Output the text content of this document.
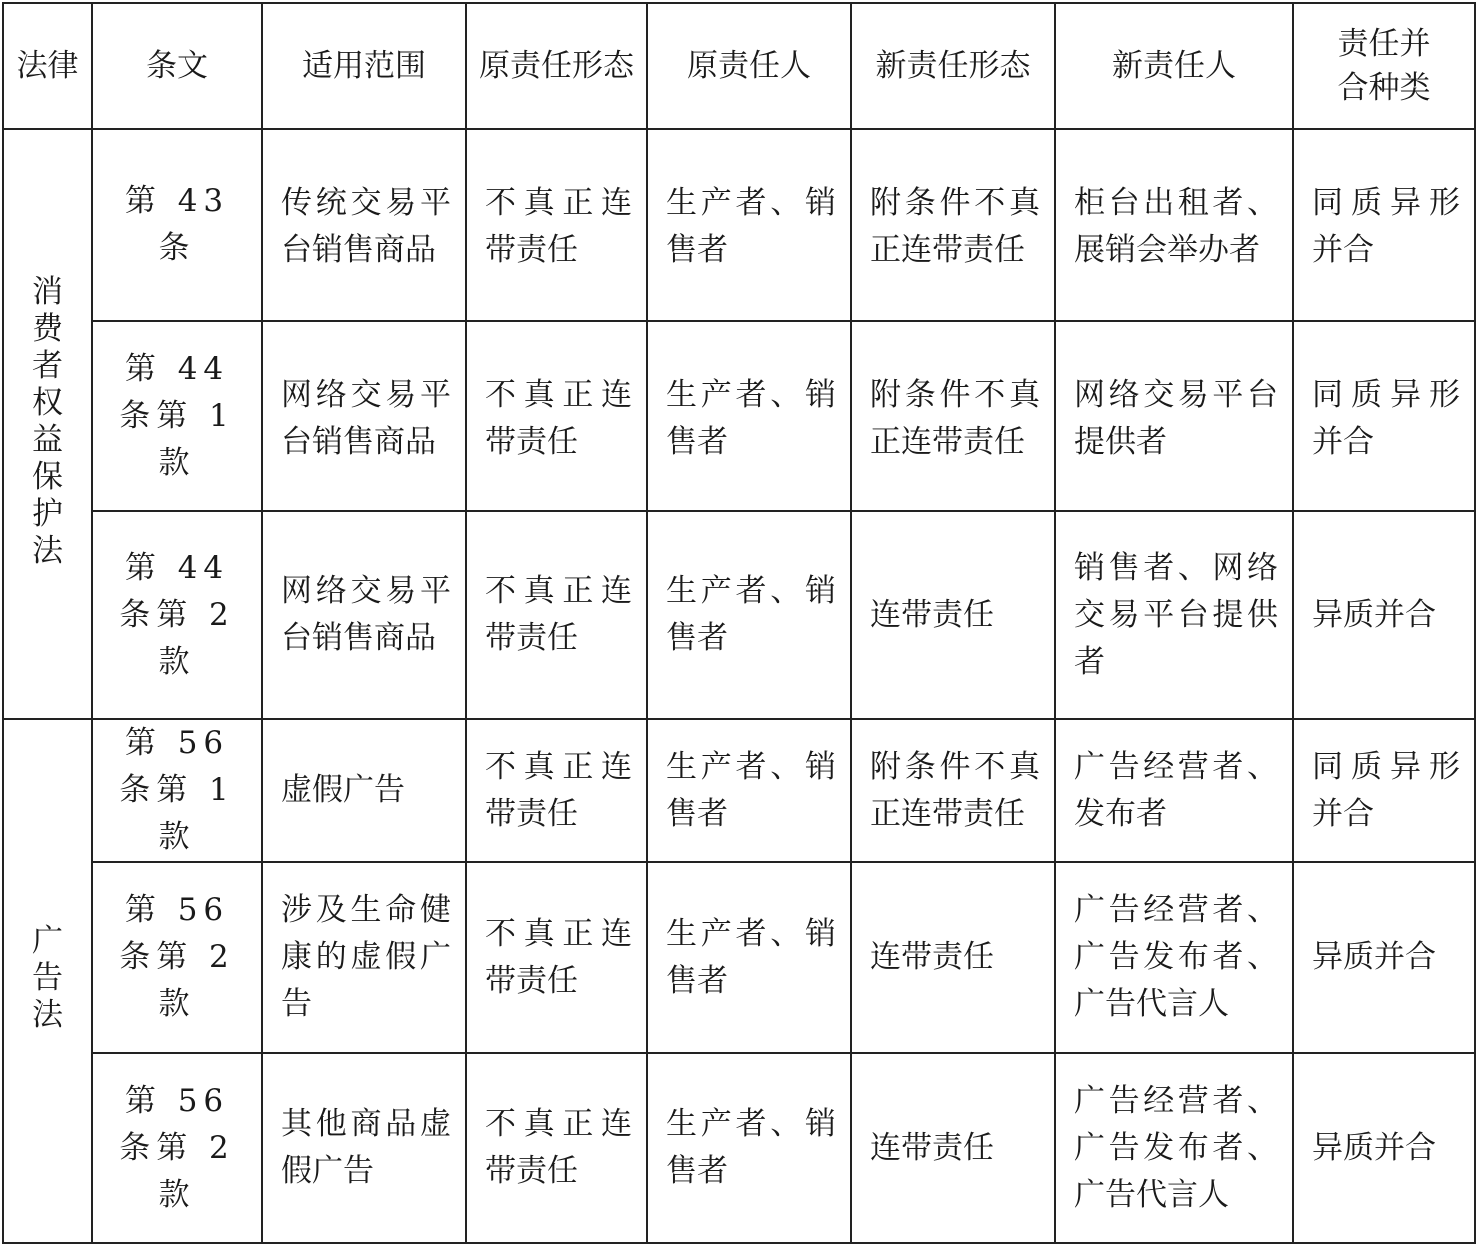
法律	条文	适用范围	原责任形态	原责任人	新责任形态	新责任人	责任并合种类
消费者权益保护法	第 43 条	传统交易平台销售商品	不真正连带责任	生产者、销售者	附条件不真正连带责任	柜台出租者、展销会举办者	同质异形并合

	第 44 条第 1 款	网络交易平台销售商品	不真正连带责任	生产者、销售者	附条件不真正连带责任	网络交易平台提供者	同质异形并合

	第 44 条第 2 款	网络交易平台销售商品	不真正连带责任	生产者、销售者	连带责任	销售者、网络交易平台提供者	异质并合

广告法	第 56 条第 1 款	虚假广告	不真正连带责任	生产者、销售者	附条件不真正连带责任	广告经营者、发布者	同质异形并合

	第 56 条第 2 款	涉及生命健康的虚假广告	不真正连带责任	生产者、销售者	连带责任	广告经营者、广告发布者、广告代言人	异质并合

	第 56 条第 2 款	其他商品虚假广告	不真正连带责任	生产者、销售者	连带责任	广告经营者、广告发布者、广告代言人	异质并合
